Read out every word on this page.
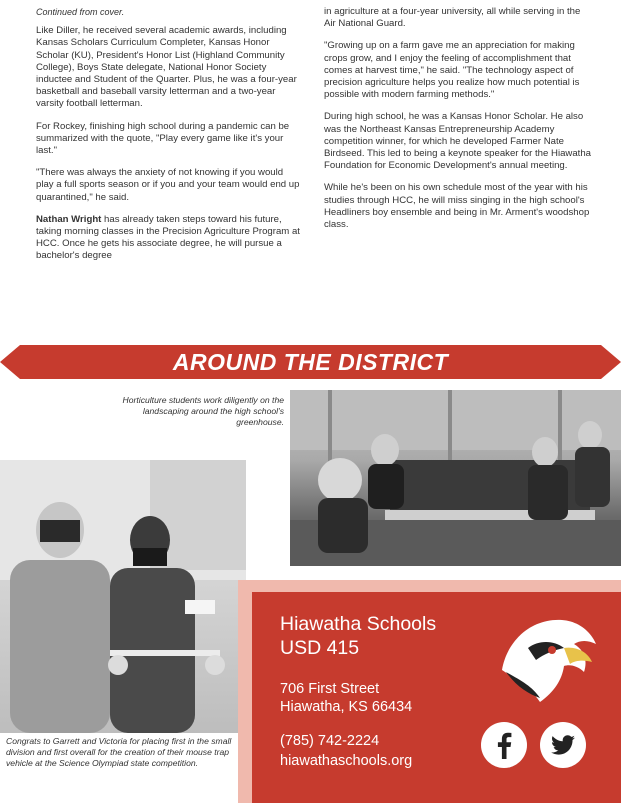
Continued from cover.

Like Diller, he received several academic awards, including Kansas Scholars Curriculum Completer, Kansas Honor Scholar (KU), President's Honor List (Highland Community College), Boys State delegate, National Honor Society inductee and Student of the Quarter. Plus, he was a four-year basketball and baseball varsity letterman and a two-year varsity football letterman.

For Rockey, finishing high school during a pandemic can be summarized with the quote, "Play every game like it's your last."

"There was always the anxiety of not knowing if you would play a full sports season or if you and your team would end up quarantined," he said.

Nathan Wright has already taken steps toward his future, taking morning classes in the Precision Agriculture Program at HCC. Once he gets his associate degree, he will pursue a bachelor's degree

in agriculture at a four-year university, all while serving in the Air National Guard.

"Growing up on a farm gave me an appreciation for making crops grow, and I enjoy the feeling of accomplishment that comes at harvest time," he said. "The technology aspect of precision agriculture helps you realize how much potential is possible with modern farming methods."

During high school, he was a Kansas Honor Scholar. He also was the Northeast Kansas Entrepreneurship Academy competition winner, for which he developed Farmer Nate Birdseed. This led to being a keynote speaker for the Hiawatha Foundation for Economic Development's annual meeting.

While he's been on his own schedule most of the year with his studies through HCC, he will miss singing in the high school's Headliners boy ensemble and being in Mr. Arment's woodshop class.

AROUND THE DISTRICT
Horticulture students work diligently on the landscaping around the high school's greenhouse.
Congrats to Garrett and Victoria for placing first in the small division and first overall for the creation of their mouse trap vehicle at the Science Olympiad state competition.
Hiawatha Schools
USD 415
706 First Street
Hiawatha, KS 66434
(785) 742-2224
hiawathaschools.org
